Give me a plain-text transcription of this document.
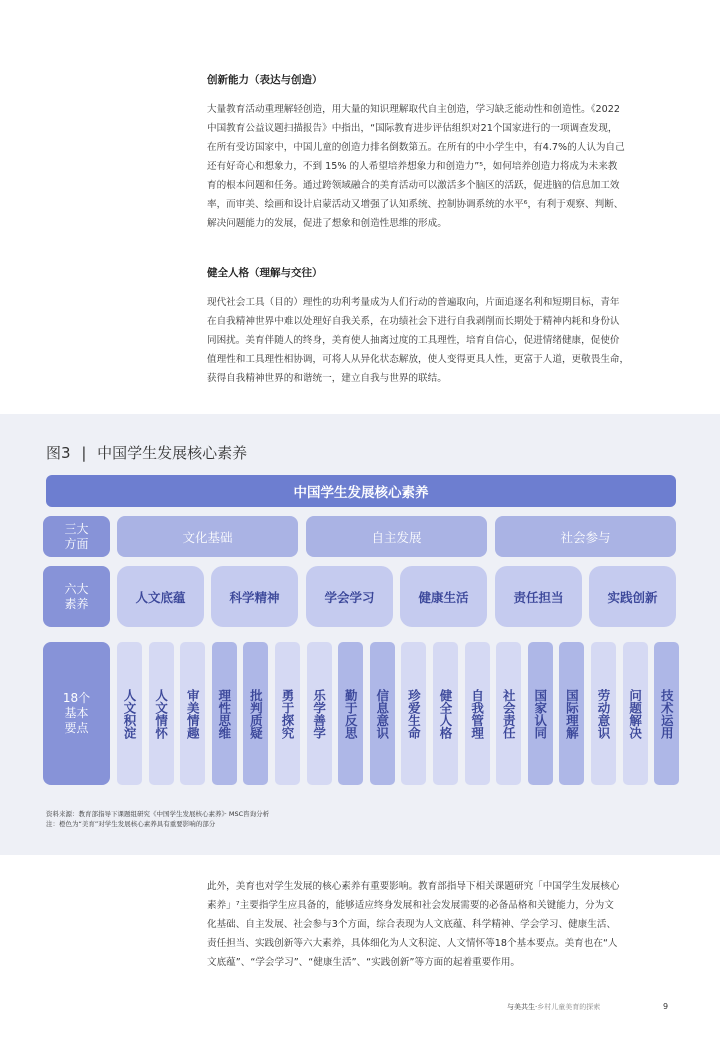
创新能力（表达与创造）
大量教育活动重理解轻创造，用大量的知识理解取代自主创造，学习缺乏能动性和创造性。《2022
中国教育公益议题扫描报告》中指出，“国际教育进步评估组织对21个国家进行的一项调查发现，
在所有受访国家中，中国儿童的创造力排名倒数第五。在所有的中小学生中，有4.7%的人认为自己
还有好奇心和想象力，不到 15% 的人希望培养想象力和创造力”⁵，如何培养创造力将成为未来教
育的根本问题和任务。通过跨领域融合的美育活动可以激活多个脑区的活跃，促进脑的信息加工效
率，而审美、绘画和设计启蒙活动又增强了认知系统、控制协调系统的水平⁶，有利于观察、判断、
解决问题能力的发展，促进了想象和创造性思维的形成。
健全人格（理解与交往）
现代社会工具（目的）理性的功利考量成为人们行动的普遍取向，片面追逐名利和短期目标，青年
在自我精神世界中难以处理好自我关系，在功绩社会下进行自我剥削而长期处于精神内耗和身份认
同困扰。美育伴随人的终身，美育使人抽离过度的工具理性，培育自信心，促进情绪健康，促使价
值理性和工具理性相协调，可将人从异化状态解放，使人变得更具人性，更富于人道，更敬畏生命，
获得自我精神世界的和谐统一，建立自我与世界的联结。
图3 | 中国学生发展核心素养
中国学生发展核心素养
三大
方面
六大
素养
18个
基本
要点
文化基础	自主发展	社会参与
人文底蕴	科学精神	学会学习	健康生活	责任担当	实践创新
人文积淀	人文情怀	审美情趣	理性思维	批判质疑	勇于探究	乐学善学	勤于反思	信息意识	珍爱生命	健全人格	自我管理	社会责任	国家认同	国际理解	劳动意识	问题解决	技术运用
资料来源：教育部指导下课题组研究《中国学生发展核心素养》· MSC咨询分析
注：橙色为“美育”对学生发展核心素养具有重要影响的部分
此外，美育也对学生发展的核心素养有重要影响。教育部指导下相关课题研究「中国学生发展核心
素养」⁷主要指学生应具备的，能够适应终身发展和社会发展需要的必备品格和关键能力，分为文
化基础、自主发展、社会参与3个方面，综合表现为人文底蕴、科学精神、学会学习、健康生活、
责任担当、实践创新等六大素养，具体细化为人文积淀、人文情怀等18个基本要点。美育也在“人
文底蕴”、“学会学习”、“健康生活”、“实践创新”等方面的起着重要作用。
与美共生·乡村儿童美育的探索	9
